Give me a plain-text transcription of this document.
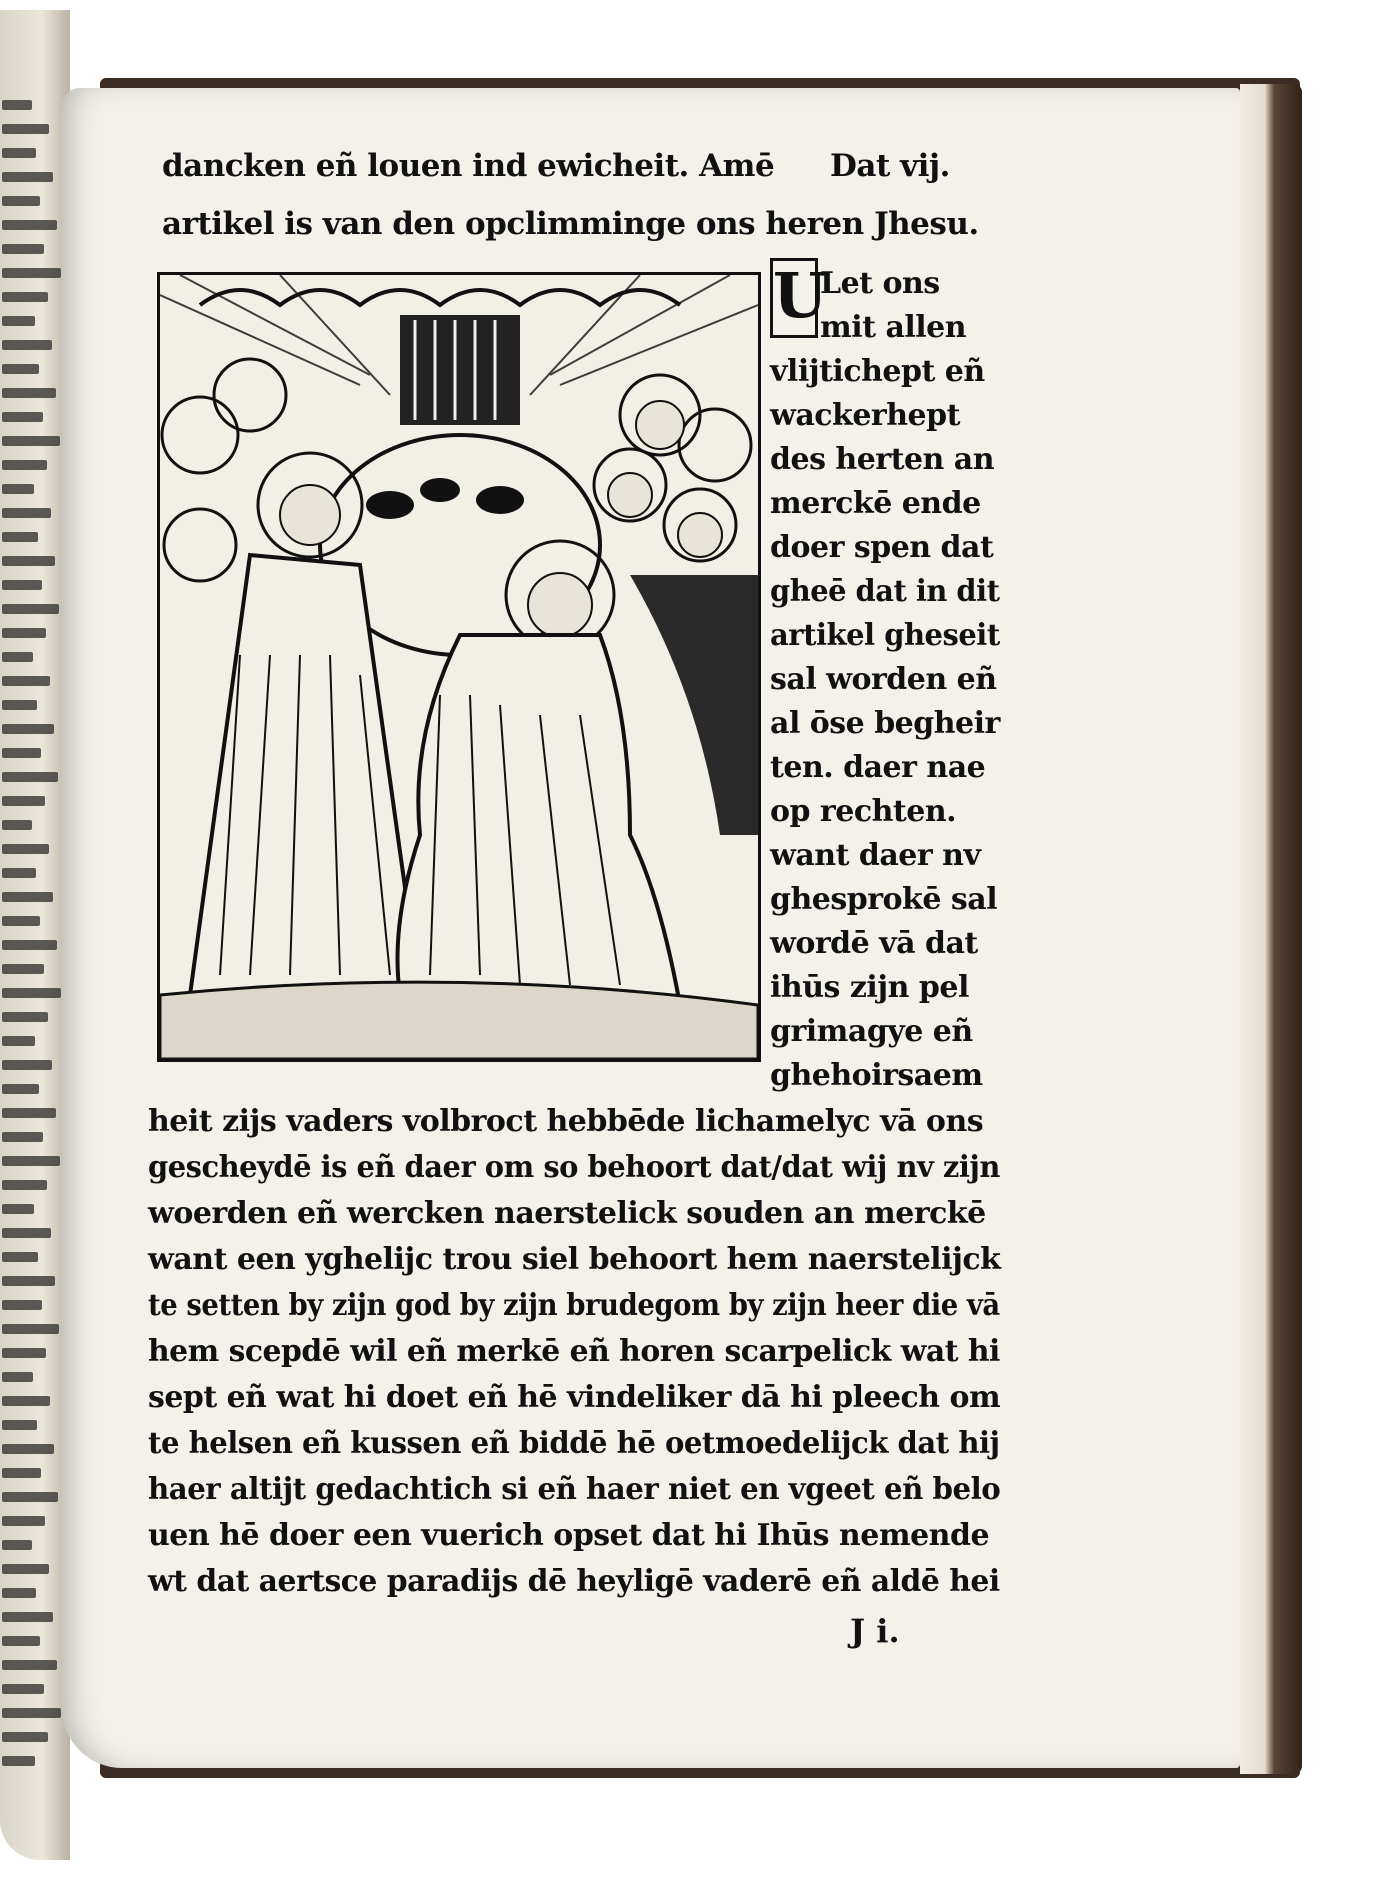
dancken eñ louen ind ewicheit. Amē Dat vij.
artikel is van den opclimminge ons heren Jhesu.
U
Let ons
mit allen
vlijtichept eñ
wackerhept
des herten an
merckē ende
doer spen dat
gheē dat in dit
artikel gheseit
sal worden eñ
al ōse begheir
ten. daer nae
op rechten.
want daer nv
ghesprokē sal
wordē vā dat
ihūs zijn pel
grimagye eñ
ghehoirsaem
heit zijs vaders volbroct hebbēde lichamelyc vā ons
gescheydē is eñ daer om so behoort dat/dat wij nv zijn
woerden eñ wercken naerstelick souden an merckē
want een yghelijc trou siel behoort hem naerstelijck
te setten by zijn god by zijn brudegom by zijn heer die vā
hem scepdē wil eñ merkē eñ horen scarpelick wat hi
sept eñ wat hi doet eñ hē vindeliker dā hi pleech om
te helsen eñ kussen eñ biddē hē oetmoedelijck dat hij
haer altijt gedachtich si eñ haer niet en vgeet eñ belo
uen hē doer een vuerich opset dat hi Ihūs nemende
wt dat aertsce paradijs dē heyligē vaderē eñ aldē hei
J i.
